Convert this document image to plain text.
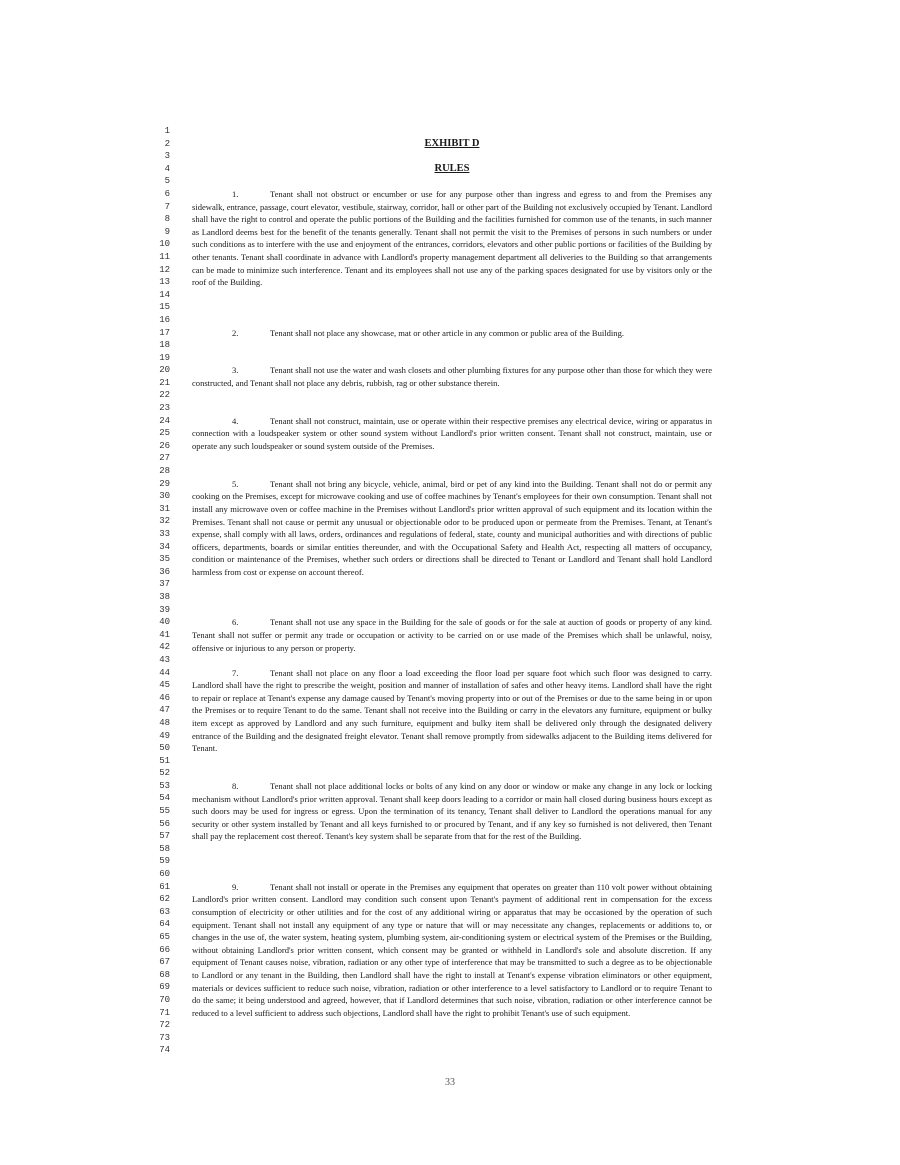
1
2
3
4
5
6
7
8
9
10
11
12
13
14
15
16
17
18
19
20
21
22
23
24
25
26
27
28
29
30
31
32
33
34
35
36
37
38
39
40
41
42
43
44
45
46
47
48
49
50
51
52
53
54
55
56
57
58
59
60
61
62
63
64
65
66
67
68
69
70
71
72
73
74
EXHIBIT D
RULES

1.	Tenant shall not obstruct or encumber or use for any purpose other than ingress and egress to and from the Premises any sidewalk, entrance, passage, court elevator, vestibule, stairway, corridor, hall or other part of the Building not exclusively occupied by Tenant. Landlord shall have the right to control and operate the public portions of the Building and the facilities furnished for common use of the tenants, in such manner as Landlord deems best for the benefit of the tenants generally. Tenant shall not permit the visit to the Premises of persons in such numbers or under such conditions as to interfere with the use and enjoyment of the entrances, corridors, elevators and other public portions or facilities of the Building by other tenants. Tenant shall coordinate in advance with Landlord's property management department all deliveries to the Building so that arrangements can be made to minimize such interference. Tenant and its employees shall not use any of the parking spaces designated for use by visitors only or the roof of the Building.

2.	Tenant shall not place any showcase, mat or other article in any common or public area of the Building.

3.	Tenant shall not use the water and wash closets and other plumbing fixtures for any purpose other than those for which they were constructed, and Tenant shall not place any debris, rubbish, rag or other substance therein.

4.	Tenant shall not construct, maintain, use or operate within their respective premises any electrical device, wiring or apparatus in connection with a loudspeaker system or other sound system without Landlord's prior written consent. Tenant shall not construct, maintain, use or operate any such loudspeaker or sound system outside of the Premises.

5.	Tenant shall not bring any bicycle, vehicle, animal, bird or pet of any kind into the Building. Tenant shall not do or permit any cooking on the Premises, except for microwave cooking and use of coffee machines by Tenant's employees for their own consumption. Tenant shall not install any microwave oven or coffee machine in the Premises without Landlord's prior written approval of such equipment and its location within the Premises. Tenant shall not cause or permit any unusual or objectionable odor to be produced upon or permeate from the Premises. Tenant, at Tenant's expense, shall comply with all laws, orders, ordinances and regulations of federal, state, county and municipal authorities and with directions of public officers, departments, boards or similar entities thereunder, and with the Occupational Safety and Health Act, respecting all matters of occupancy, condition or maintenance of the Premises, whether such orders or directions shall be directed to Tenant or Landlord and Tenant shall hold Landlord harmless from cost or expense on account thereof.

6.	Tenant shall not use any space in the Building for the sale of goods or for the sale at auction of goods or property of any kind. Tenant shall not suffer or permit any trade or occupation or activity to be carried on or use made of the Premises which shall be unlawful, noisy, offensive or injurious to any person or property.

7.	Tenant shall not place on any floor a load exceeding the floor load per square foot which such floor was designed to carry. Landlord shall have the right to prescribe the weight, position and manner of installation of safes and other heavy items. Landlord shall have the right to repair or replace at Tenant's expense any damage caused by Tenant's moving property into or out of the Premises or due to the same being in or upon the Premises or to require Tenant to do the same. Tenant shall not receive into the Building or carry in the elevators any furniture, equipment or bulky item except as approved by Landlord and any such furniture, equipment and bulky item shall be delivered only through the designated delivery entrance of the Building and the designated freight elevator. Tenant shall remove promptly from sidewalks adjacent to the Building items delivered for Tenant.

8.	Tenant shall not place additional locks or bolts of any kind on any door or window or make any change in any lock or locking mechanism without Landlord's prior written approval. Tenant shall keep doors leading to a corridor or main hall closed during business hours except as such doors may be used for ingress or egress. Upon the termination of its tenancy, Tenant shall deliver to Landlord the operations manual for any security or other system installed by Tenant and all keys furnished to or procured by Tenant, and if any key so furnished is not delivered, then Tenant shall pay the replacement cost thereof. Tenant's key system shall be separate from that for the rest of the Building.

9.	Tenant shall not install or operate in the Premises any equipment that operates on greater than 110 volt power without obtaining Landlord's prior written consent. Landlord may condition such consent upon Tenant's payment of additional rent in compensation for the excess consumption of electricity or other utilities and for the cost of any additional wiring or apparatus that may be occasioned by the operation of such equipment. Tenant shall not install any equipment of any type or nature that will or may necessitate any changes, replacements or additions to, or changes in the use of, the water system, heating system, plumbing system, air-conditioning system or electrical system of the Premises or the Building, without obtaining Landlord's prior written consent, which consent may be granted or withheld in Landlord's sole and absolute discretion. If any equipment of Tenant causes noise, vibration, radiation or any other type of interference that may be transmitted to such a degree as to be objectionable to Landlord or any tenant in the Building, then Landlord shall have the right to install at Tenant's expense vibration eliminators or other equipment, materials or devices sufficient to reduce such noise, vibration, radiation or other interference to a level satisfactory to Landlord or to require Tenant to do the same; it being understood and agreed, however, that if Landlord determines that such noise, vibration, radiation or other interference cannot be reduced to a level sufficient to address such objections, Landlord shall have the right to prohibit Tenant's use of such equipment.

33
